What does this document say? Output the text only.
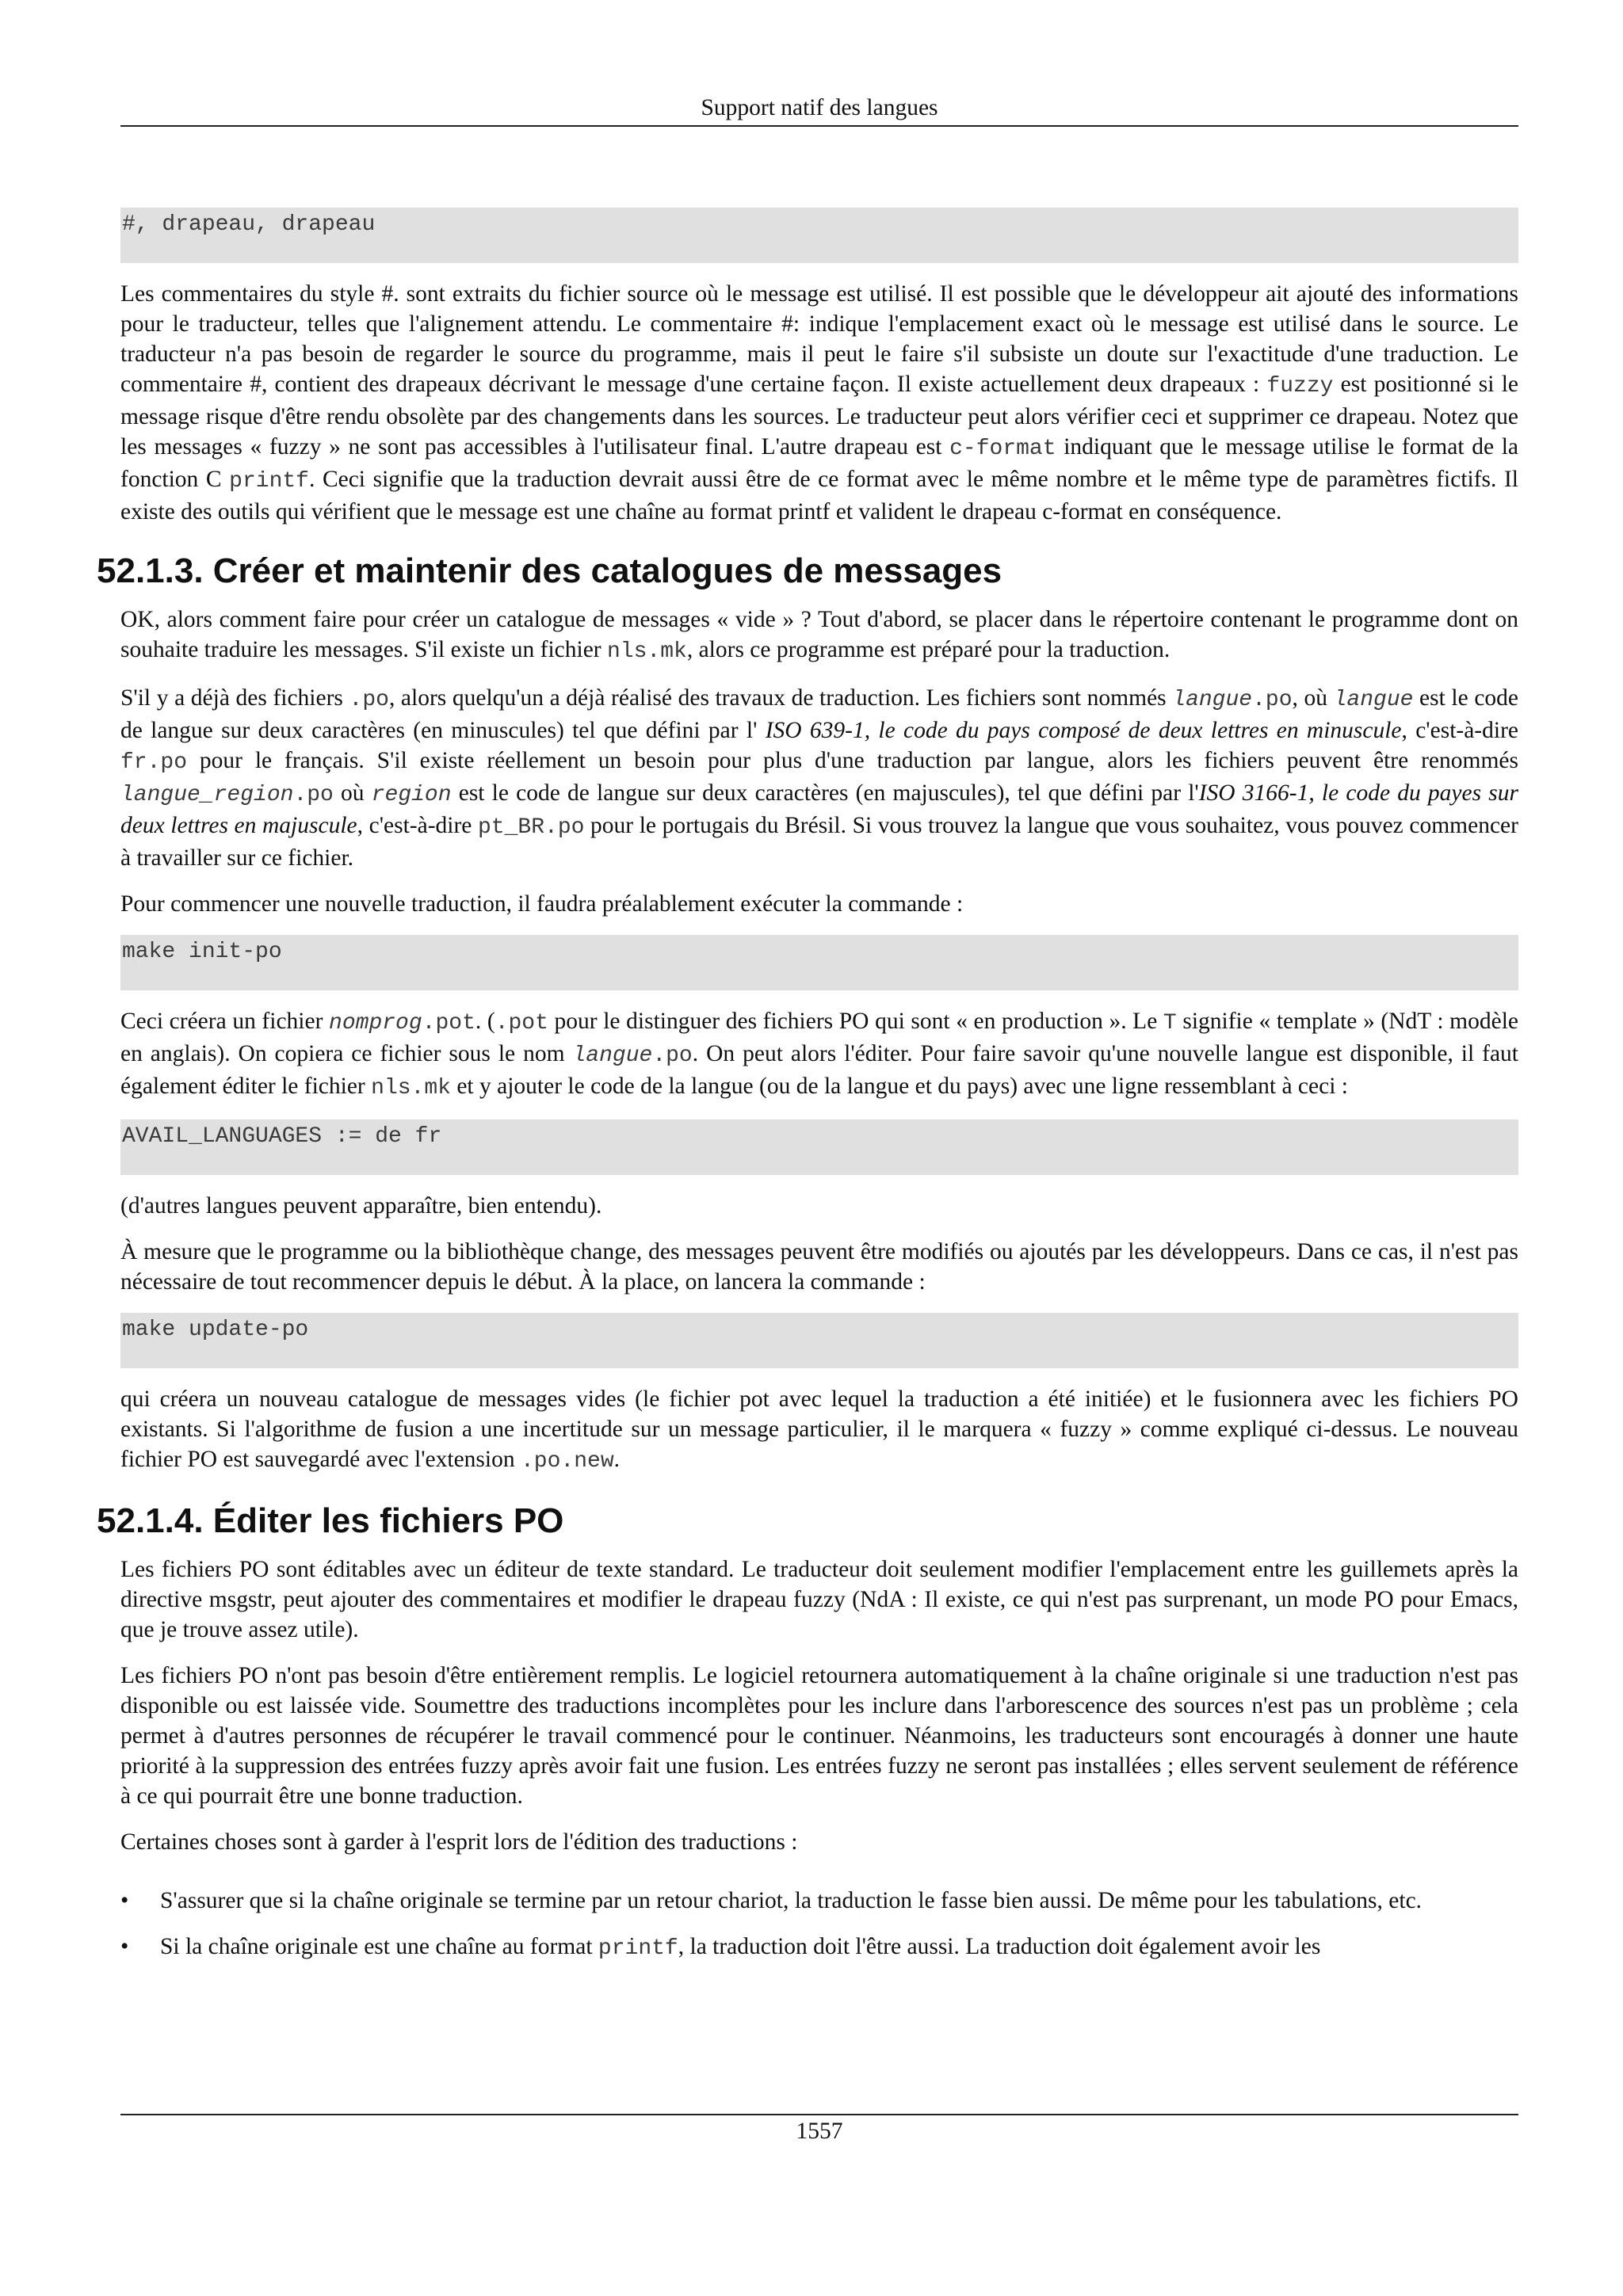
Support natif des langues
#, drapeau, drapeau

Les commentaires du style #. sont extraits du fichier source où le message est utilisé. Il est possible que le développeur ait ajouté des informations pour le traducteur, telles que l'alignement attendu. Le commentaire #: indique l'emplacement exact où le message est utilisé dans le source. Le traducteur n'a pas besoin de regarder le source du programme, mais il peut le faire s'il subsiste un doute sur l'exactitude d'une traduction. Le commentaire #, contient des drapeaux décrivant le message d'une certaine façon. Il existe actuellement deux drapeaux : fuzzy est positionné si le message risque d'être rendu obsolète par des changements dans les sources. Le traducteur peut alors vérifier ceci et supprimer ce drapeau. Notez que les messages « fuzzy » ne sont pas accessibles à l'utilisateur final. L'autre drapeau est c-format indiquant que le message utilise le format de la fonction C printf. Ceci signifie que la traduction devrait aussi être de ce format avec le même nombre et le même type de paramètres fictifs. Il existe des outils qui vérifient que le message est une chaîne au format printf et valident le drapeau c-format en conséquence.

52.1.3. Créer et maintenir des catalogues de messages

OK, alors comment faire pour créer un catalogue de messages « vide » ? Tout d'abord, se placer dans le répertoire contenant le programme dont on souhaite traduire les messages. S'il existe un fichier nls.mk, alors ce programme est préparé pour la traduction.

S'il y a déjà des fichiers .po, alors quelqu'un a déjà réalisé des travaux de traduction. Les fichiers sont nommés langue.po, où langue est le code de langue sur deux caractères (en minuscules) tel que défini par l' ISO 639-1, le code du pays composé de deux lettres en minuscule, c'est-à-dire fr.po pour le français. S'il existe réellement un besoin pour plus d'une traduction par langue, alors les fichiers peuvent être renommés langue_region.po où region est le code de langue sur deux caractères (en majuscules), tel que défini par l'ISO 3166-1, le code du payes sur deux lettres en majuscule, c'est-à-dire pt_BR.po pour le portugais du Brésil. Si vous trouvez la langue que vous souhaitez, vous pouvez commencer à travailler sur ce fichier.

Pour commencer une nouvelle traduction, il faudra préalablement exécuter la commande :

make init-po

Ceci créera un fichier nomprog.pot. (.pot pour le distinguer des fichiers PO qui sont « en production ». Le T signifie « template » (NdT : modèle en anglais). On copiera ce fichier sous le nom langue.po. On peut alors l'éditer. Pour faire savoir qu'une nouvelle langue est disponible, il faut également éditer le fichier nls.mk et y ajouter le code de la langue (ou de la langue et du pays) avec une ligne ressemblant à ceci :

AVAIL_LANGUAGES := de fr

(d'autres langues peuvent apparaître, bien entendu).

À mesure que le programme ou la bibliothèque change, des messages peuvent être modifiés ou ajoutés par les développeurs. Dans ce cas, il n'est pas nécessaire de tout recommencer depuis le début. À la place, on lancera la commande :

make update-po

qui créera un nouveau catalogue de messages vides (le fichier pot avec lequel la traduction a été initiée) et le fusionnera avec les fichiers PO existants. Si l'algorithme de fusion a une incertitude sur un message particulier, il le marquera « fuzzy » comme expliqué ci-dessus. Le nouveau fichier PO est sauvegardé avec l'extension .po.new.

52.1.4. Éditer les fichiers PO

Les fichiers PO sont éditables avec un éditeur de texte standard. Le traducteur doit seulement modifier l'emplacement entre les guillemets après la directive msgstr, peut ajouter des commentaires et modifier le drapeau fuzzy (NdA : Il existe, ce qui n'est pas surprenant, un mode PO pour Emacs, que je trouve assez utile).

Les fichiers PO n'ont pas besoin d'être entièrement remplis. Le logiciel retournera automatiquement à la chaîne originale si une traduction n'est pas disponible ou est laissée vide. Soumettre des traductions incomplètes pour les inclure dans l'arborescence des sources n'est pas un problème ; cela permet à d'autres personnes de récupérer le travail commencé pour le continuer. Néanmoins, les traducteurs sont encouragés à donner une haute priorité à la suppression des entrées fuzzy après avoir fait une fusion. Les entrées fuzzy ne seront pas installées ; elles servent seulement de référence à ce qui pourrait être une bonne traduction.

Certaines choses sont à garder à l'esprit lors de l'édition des traductions :

• S'assurer que si la chaîne originale se termine par un retour chariot, la traduction le fasse bien aussi. De même pour les tabulations, etc.
• Si la chaîne originale est une chaîne au format printf, la traduction doit l'être aussi. La traduction doit également avoir les
1557
